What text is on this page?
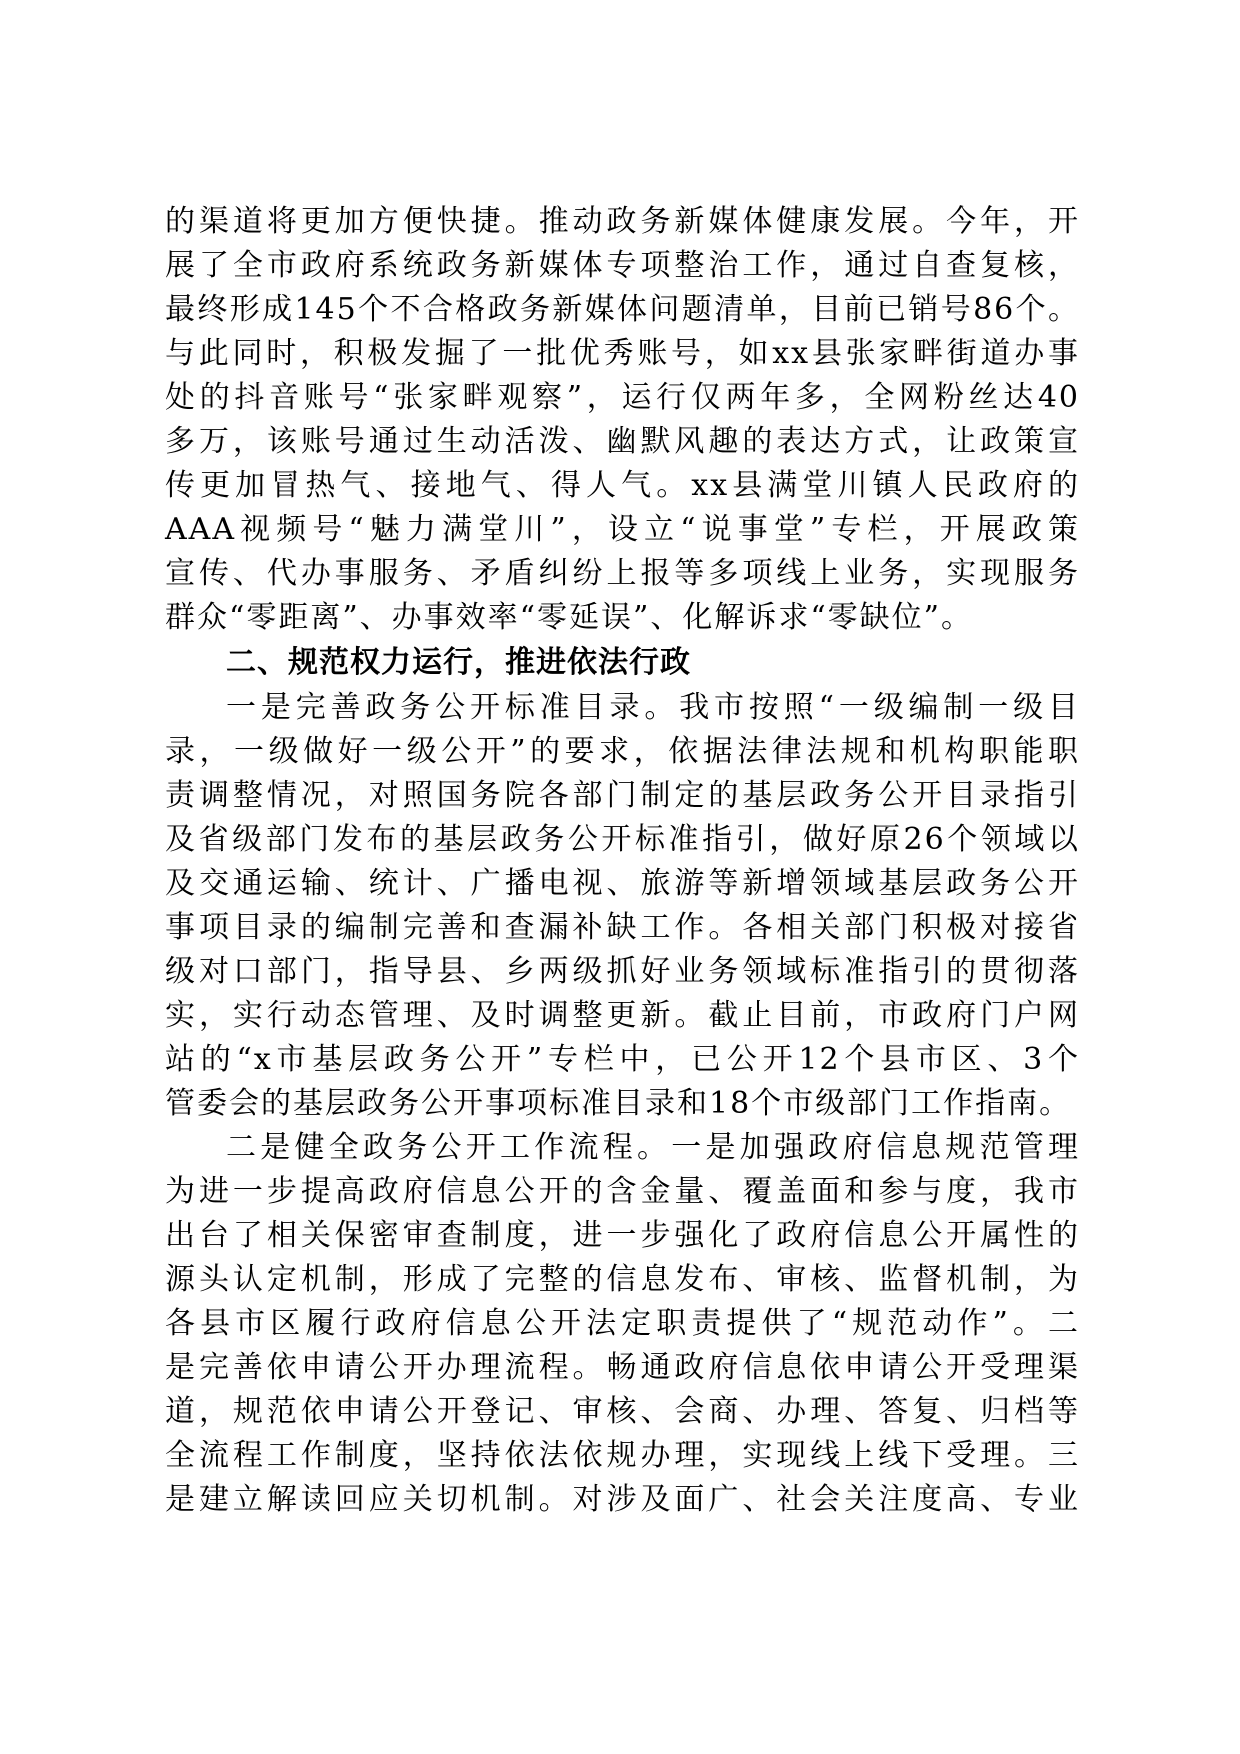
的渠道将更加方便快捷。推动政务新媒体健康发展。今年，开
展了全市政府系统政务新媒体专项整治工作，通过自查复核，
最终形成145个不合格政务新媒体问题清单，目前已销号86个。
与此同时，积极发掘了一批优秀账号，如xx县张家畔街道办事
处的抖音账号“张家畔观察”，运行仅两年多，全网粉丝达40
多万，该账号通过生动活泼、幽默风趣的表达方式，让政策宣
传更加冒热气、接地气、得人气。xx县满堂川镇人民政府的
AAA视频号“魅力满堂川”，设立“说事堂”专栏，开展政策
宣传、代办事服务、矛盾纠纷上报等多项线上业务，实现服务
群众“零距离”、办事效率“零延误”、化解诉求“零缺位”。
二、规范权力运行，推进依法行政
一是完善政务公开标准目录。我市按照“一级编制一级目
录，一级做好一级公开”的要求，依据法律法规和机构职能职
责调整情况，对照国务院各部门制定的基层政务公开目录指引
及省级部门发布的基层政务公开标准指引，做好原26个领域以
及交通运输、统计、广播电视、旅游等新增领域基层政务公开
事项目录的编制完善和查漏补缺工作。各相关部门积极对接省
级对口部门，指导县、乡两级抓好业务领域标准指引的贯彻落
实，实行动态管理、及时调整更新。截止目前，市政府门户网
站的“x市基层政务公开”专栏中，已公开12个县市区、3个
管委会的基层政务公开事项标准目录和18个市级部门工作指南。
二是健全政务公开工作流程。一是加强政府信息规范管理
为进一步提高政府信息公开的含金量、覆盖面和参与度，我市
出台了相关保密审查制度，进一步强化了政府信息公开属性的
源头认定机制，形成了完整的信息发布、审核、监督机制，为
各县市区履行政府信息公开法定职责提供了“规范动作”。二
是完善依申请公开办理流程。畅通政府信息依申请公开受理渠
道，规范依申请公开登记、审核、会商、办理、答复、归档等
全流程工作制度，坚持依法依规办理，实现线上线下受理。三
是建立解读回应关切机制。对涉及面广、社会关注度高、专业
